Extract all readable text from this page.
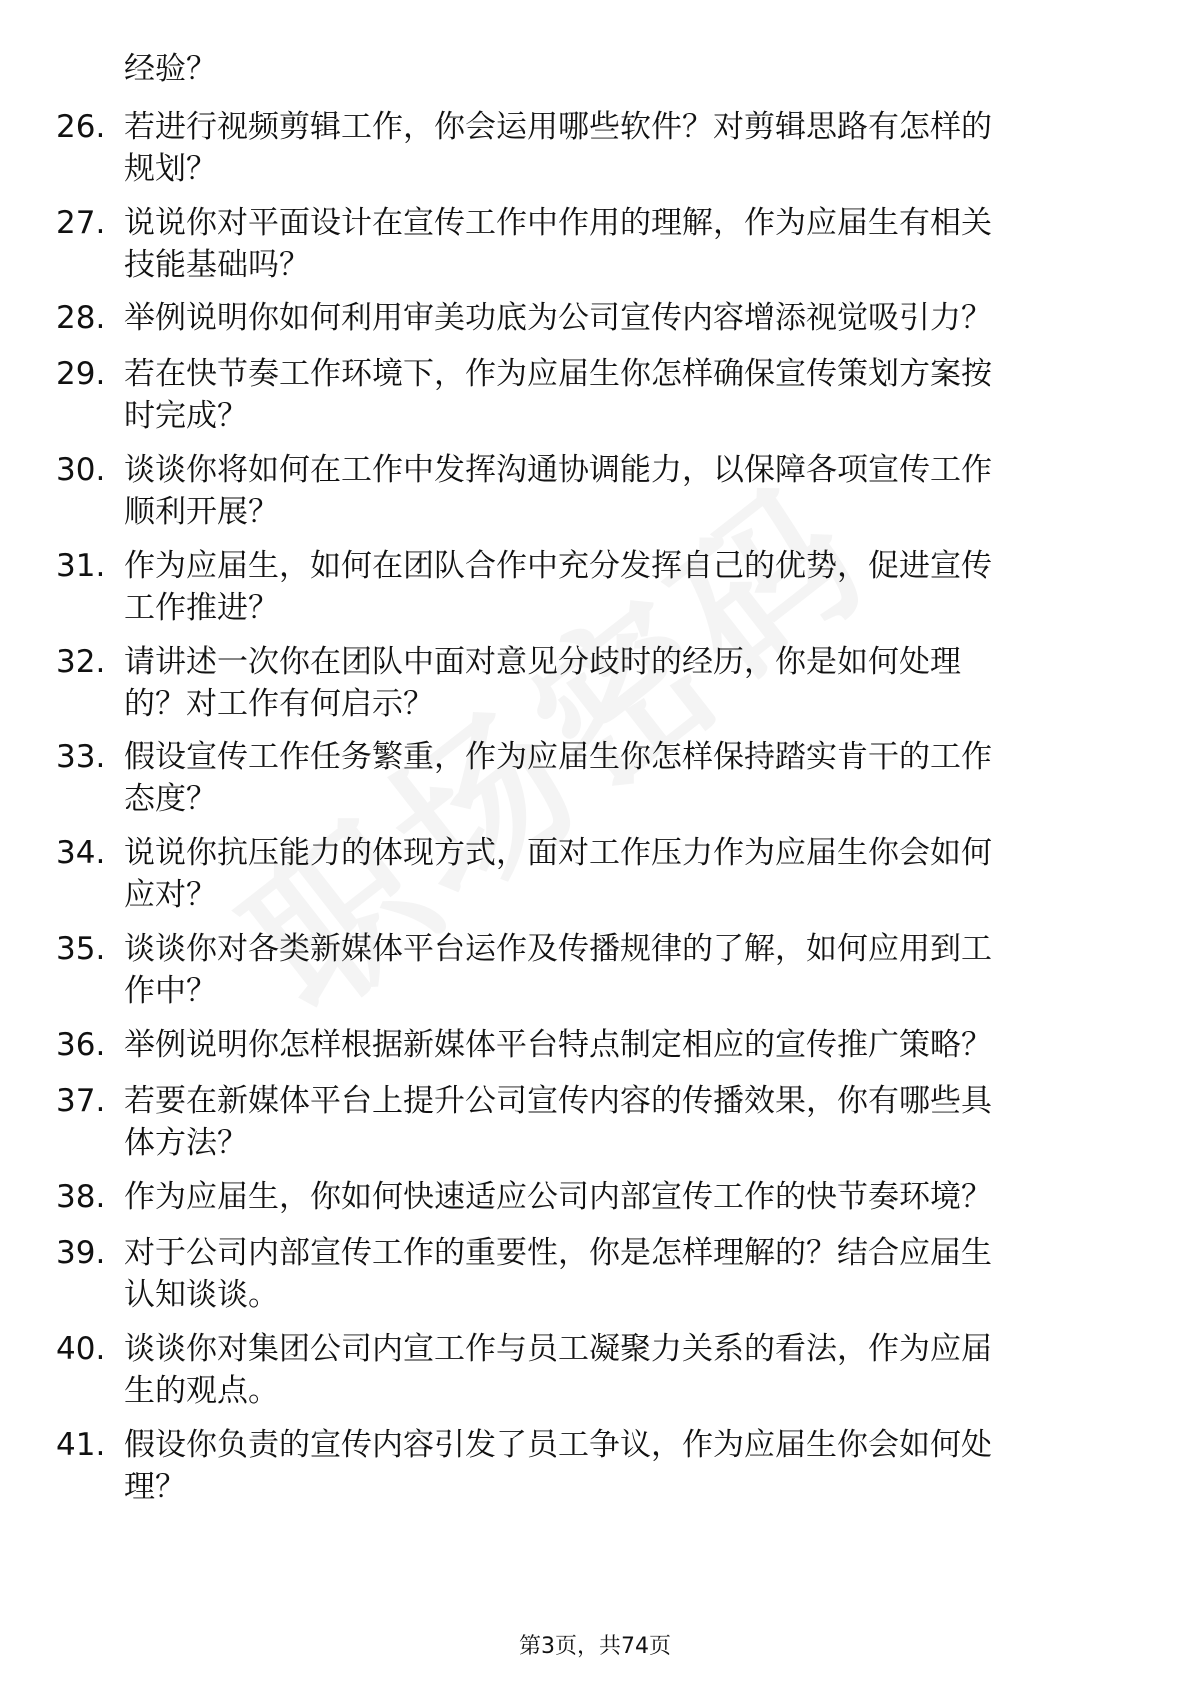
经验？
26. 若进行视频剪辑工作，你会运用哪些软件？对剪辑思路有怎样的
规划？
27. 说说你对平面设计在宣传工作中作用的理解，作为应届生有相关
技能基础吗？
28. 举例说明你如何利用审美功底为公司宣传内容增添视觉吸引力？
29. 若在快节奏工作环境下，作为应届生你怎样确保宣传策划方案按
时完成？
30. 谈谈你将如何在工作中发挥沟通协调能力，以保障各项宣传工作
顺利开展？
31. 作为应届生，如何在团队合作中充分发挥自己的优势，促进宣传
工作推进？
32. 请讲述一次你在团队中面对意见分歧时的经历，你是如何处理
的？对工作有何启示？
33. 假设宣传工作任务繁重，作为应届生你怎样保持踏实肯干的工作
态度？
34. 说说你抗压能力的体现方式，面对工作压力作为应届生你会如何
应对？
35. 谈谈你对各类新媒体平台运作及传播规律的了解，如何应用到工
作中？
36. 举例说明你怎样根据新媒体平台特点制定相应的宣传推广策略？
37. 若要在新媒体平台上提升公司宣传内容的传播效果，你有哪些具
体方法？
38. 作为应届生，你如何快速适应公司内部宣传工作的快节奏环境？
39. 对于公司内部宣传工作的重要性，你是怎样理解的？结合应届生
认知谈谈。
40. 谈谈你对集团公司内宣工作与员工凝聚力关系的看法，作为应届
生的观点。
41. 假设你负责的宣传内容引发了员工争议，作为应届生你会如何处
理？
第3页，共74页
